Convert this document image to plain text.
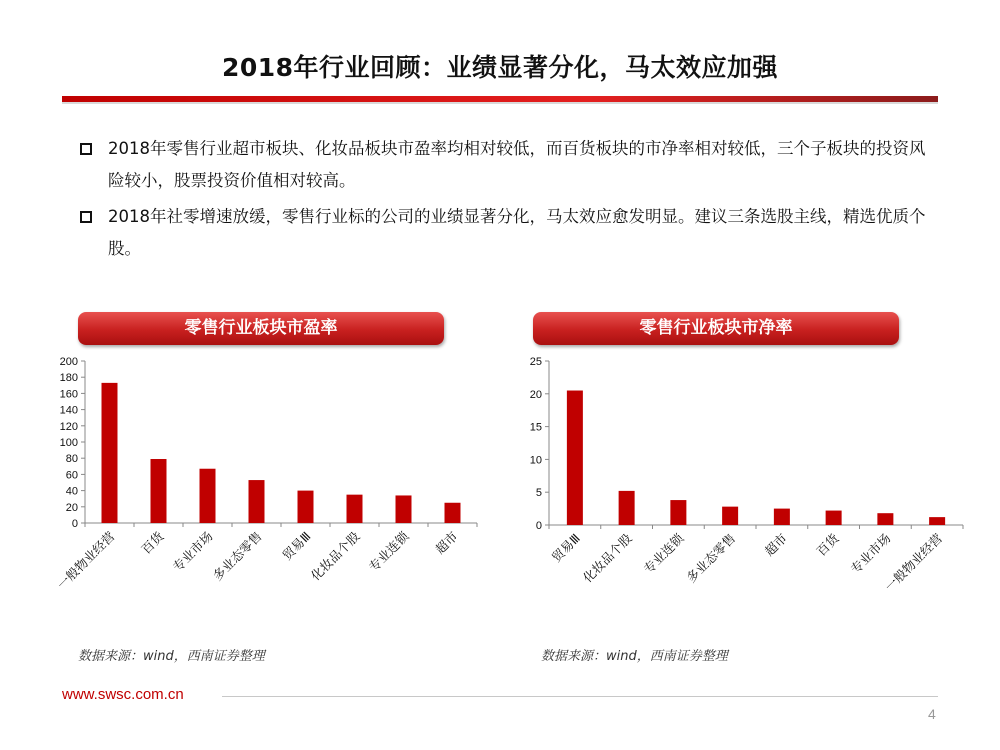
2018年行业回顾：业绩显著分化，马太效应加强
2018年零售行业超市板块、化妆品板块市盈率均相对较低，而百货板块的市净率相对较低，三个子板块的投资风险较小，股票投资价值相对较高。
2018年社零增速放缓，零售行业标的公司的业绩显著分化，马太效应愈发明显。建议三条选股主线，精选优质个股。
零售行业板块市盈率	零售行业板块市净率
0
20
40
60
80
100
120
140
160
180
200
一般物业经营 百货 专业市场
多业态零售 贸易Ⅲ
化妆品个股 专业连锁 超市
0
5
10
15
20
25
贸易Ⅲ
化妆品个股 专业连锁
多业态零售 超市 百货 专业市场
一般物业经营
数据来源：wind，西南证券整理	数据来源：wind，西南证券整理
www.swsc.com.cn
4
